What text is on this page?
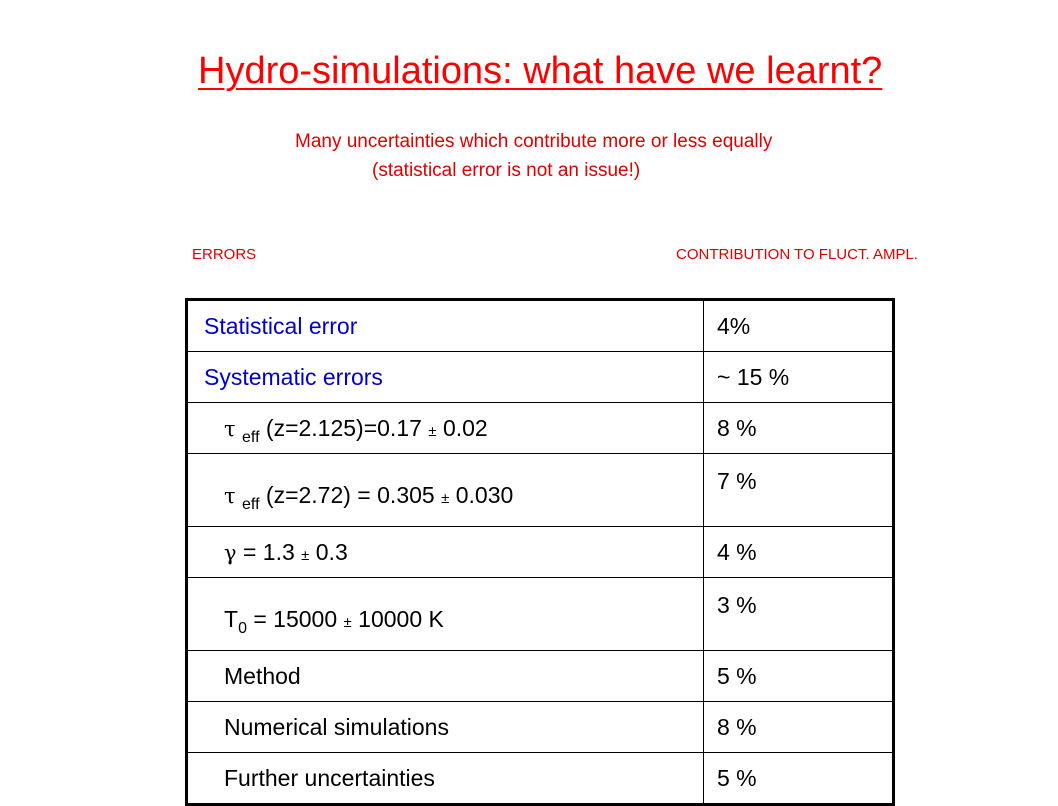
Hydro-simulations: what have we learnt?
Many uncertainties which contribute more or less equally
(statistical error is not an issue!)
ERRORS	CONTRIBUTION TO FLUCT. AMPL.
Statistical error	4%
Systematic errors	~ 15 %
τ $_{eff}$ (z=2.125)=0.17 ± 0.02	8 %
τ $_{eff}$ (z=2.72) = 0.305 ± 0.030	7 %
γ = 1.3 ± 0.3	4 %
$T_0 = 15000 \pm 10000$ K	3 %
Method	5 %
Numerical simulations	8 %
Further uncertainties	5 %
